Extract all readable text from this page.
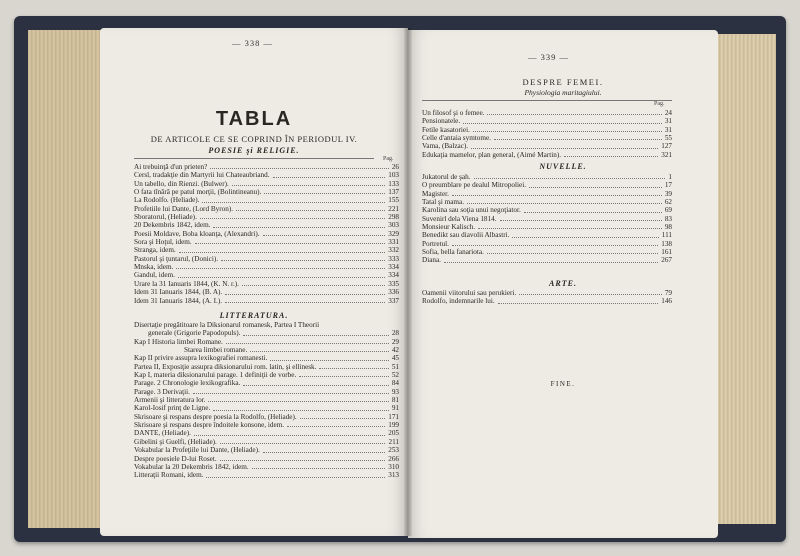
— 338 —
TABLA
DE ARTICOLE CE SE COPRIND ÎN PERIODUL IV.
POESIE şi RELIGIE.
Pag.
Ai trebuinţă d'un prieten?	26
Cersl, tradakţie din Martyrii lui Chateaubriand.	103
Un tabello, din Rienzi. (Bulwer).	133
O fata tînără pe patul morţii, (Bolintineanu).	137
La Rodolfo. (Heliade).	155
Profetiile lui Dante, (Lord Byron).	221
Sboratorul, (Heliade).	298
20 Dekembris 1842, idem.	303
Poesii Moldave, Boba kloanţa, (Alexandri).	329
Sora şi Hoţul, idem.	331
Stranga, idem.	332
Pastorul şi ţuntarul, (Donici).	333
Mnska, idem.	334
Gandul, idem.	334
Urare la 31 Ianuaris 1844, (K. N. r.).	335
Idem 31 Ianuaris 1844, (B. A).	336
Idem 31 Ianuaris 1844, (A. I.).	337
LITTERATURA.
Disertaţie pregătitoare la Diksionarul romanesk, Partea I Theorii
generale (Grigorie Papodopuls).	28
Kap I Historia limbei Romane.	29
Starea limbei romane.	42
Kap II privire assupra lexikografiei romanesti.	45
Partea II, Exposiţie assupra diksionarului rom. latin, şi ellinesk.	51
Kap I, materia diksionarului parage. 1 definiţii de vorbe.	52
Parage. 2 Chronologie lexikografika.	84
Parage. 3 Derivaţii.	93
Armenii şi litteratura lor.	81
Karol-Iosif prinţ de Ligne.	91
Skrisoare şi respans despre poesia la Rodolfo, (Heliade).	171
Skrisoare şi respans despre îndoitele konsone, idem.	199
DANTE, (Heliade).	205
Gibelini şi Guelfi, (Heliade).	211
Vokabular la Profeţiile lui Dante, (Heliade).	253
Despre poesiele D-lui Roset.	266
Vokabular la 20 Dekembris 1842, idem.	310
Litteraţii Romani, idem.	313
— 339 —
DESPRE FEMEI.
Physiologia maritagiului.
Pag.
Un filosof şi o femee.	24
Pensionatele.	31
Fetile kasatoriei.	31
Celle d'antaia symtome.	55
Vama, (Balzac).	127
Edukaţia mamelor, plan general, (Aimé Martin).	321
NUVELLE.
Jukatorul de şah.	1
O preumblare pe dealul Mitropoliei.	17
Magister.	39
Tatal şi mama.	62
Karolina sau soţia unui negoţiator.	69
Suvenirl dela Viena 1814.	83
Monsieur Kalisch.	98
Benedikt sau diavolii Albastri.	111
Portretul.	138
Sofia, bella fanariota.	161
Diana.	267
ARTE.
Oamenii viitorului sau perukieri.	79
Rodolfo, indemnarile lui.	146
FINE.
